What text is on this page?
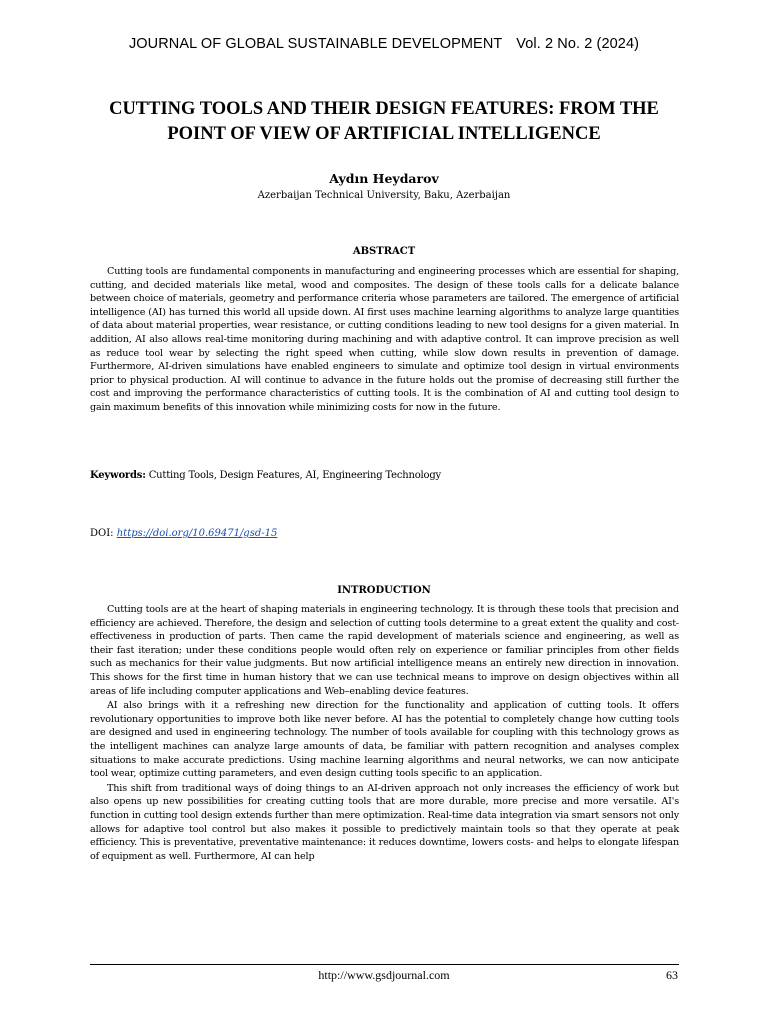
JOURNAL OF GLOBAL SUSTAINABLE DEVELOPMENT Vol. 2 No. 2 (2024)
CUTTING TOOLS AND THEIR DESIGN FEATURES: FROM THE
POINT OF VIEW OF ARTIFICIAL INTELLIGENCE
Aydın Heydarov
Azerbaijan Technical University, Baku, Azerbaijan
ABSTRACT

Cutting tools are fundamental components in manufacturing and engineering processes which are essential for shaping, cutting, and decided materials like metal, wood and composites. The design of these tools calls for a delicate balance between choice of materials, geometry and performance criteria whose parameters are tailored. The emergence of artificial intelligence (AI) has turned this world all upside down. AI first uses machine learning algorithms to analyze large quantities of data about material properties, wear resistance, or cutting conditions leading to new tool designs for a given material. In addition, AI also allows real-time monitoring during machining and with adaptive control. It can improve precision as well as reduce tool wear by selecting the right speed when cutting, while slow down results in prevention of damage. Furthermore, AI-driven simulations have enabled engineers to simulate and optimize tool design in virtual environments prior to physical production. AI will continue to advance in the future holds out the promise of decreasing still further the cost and improving the performance characteristics of cutting tools. It is the combination of AI and cutting tool design to gain maximum benefits of this innovation while minimizing costs for now in the future.

Keywords: Cutting Tools, Design Features, AI, Engineering Technology
DOI: https://doi.org/10.69471/gsd-15
INTRODUCTION

Cutting tools are at the heart of shaping materials in engineering technology. It is through these tools that precision and efficiency are achieved. Therefore, the design and selection of cutting tools determine to a great extent the quality and cost-effectiveness in production of parts. Then came the rapid development of materials science and engineering, as well as their fast iteration; under these conditions people would often rely on experience or familiar principles from other fields such as mechanics for their value judgments. But now artificial intelligence means an entirely new direction in innovation. This shows for the first time in human history that we can use technical means to improve on design objectives within all areas of life including computer applications and Web–enabling device features.

AI also brings with it a refreshing new direction for the functionality and application of cutting tools. It offers revolutionary opportunities to improve both like never before. AI has the potential to completely change how cutting tools are designed and used in engineering technology. The number of tools available for coupling with this technology grows as the intelligent machines can analyze large amounts of data, be familiar with pattern recognition and analyses complex situations to make accurate predictions. Using machine learning algorithms and neural networks, we can now anticipate tool wear, optimize cutting parameters, and even design cutting tools specific to an application.

This shift from traditional ways of doing things to an AI-driven approach not only increases the efficiency of work but also opens up new possibilities for creating cutting tools that are more durable, more precise and more versatile. AI's function in cutting tool design extends further than mere optimization. Real-time data integration via smart sensors not only allows for adaptive tool control but also makes it possible to predictively maintain tools so that they operate at peak efficiency. This is preventative, preventative maintenance: it reduces downtime, lowers costs- and helps to elongate lifespan of equipment as well. Furthermore, AI can help

http://www.gsdjournal.com	63
